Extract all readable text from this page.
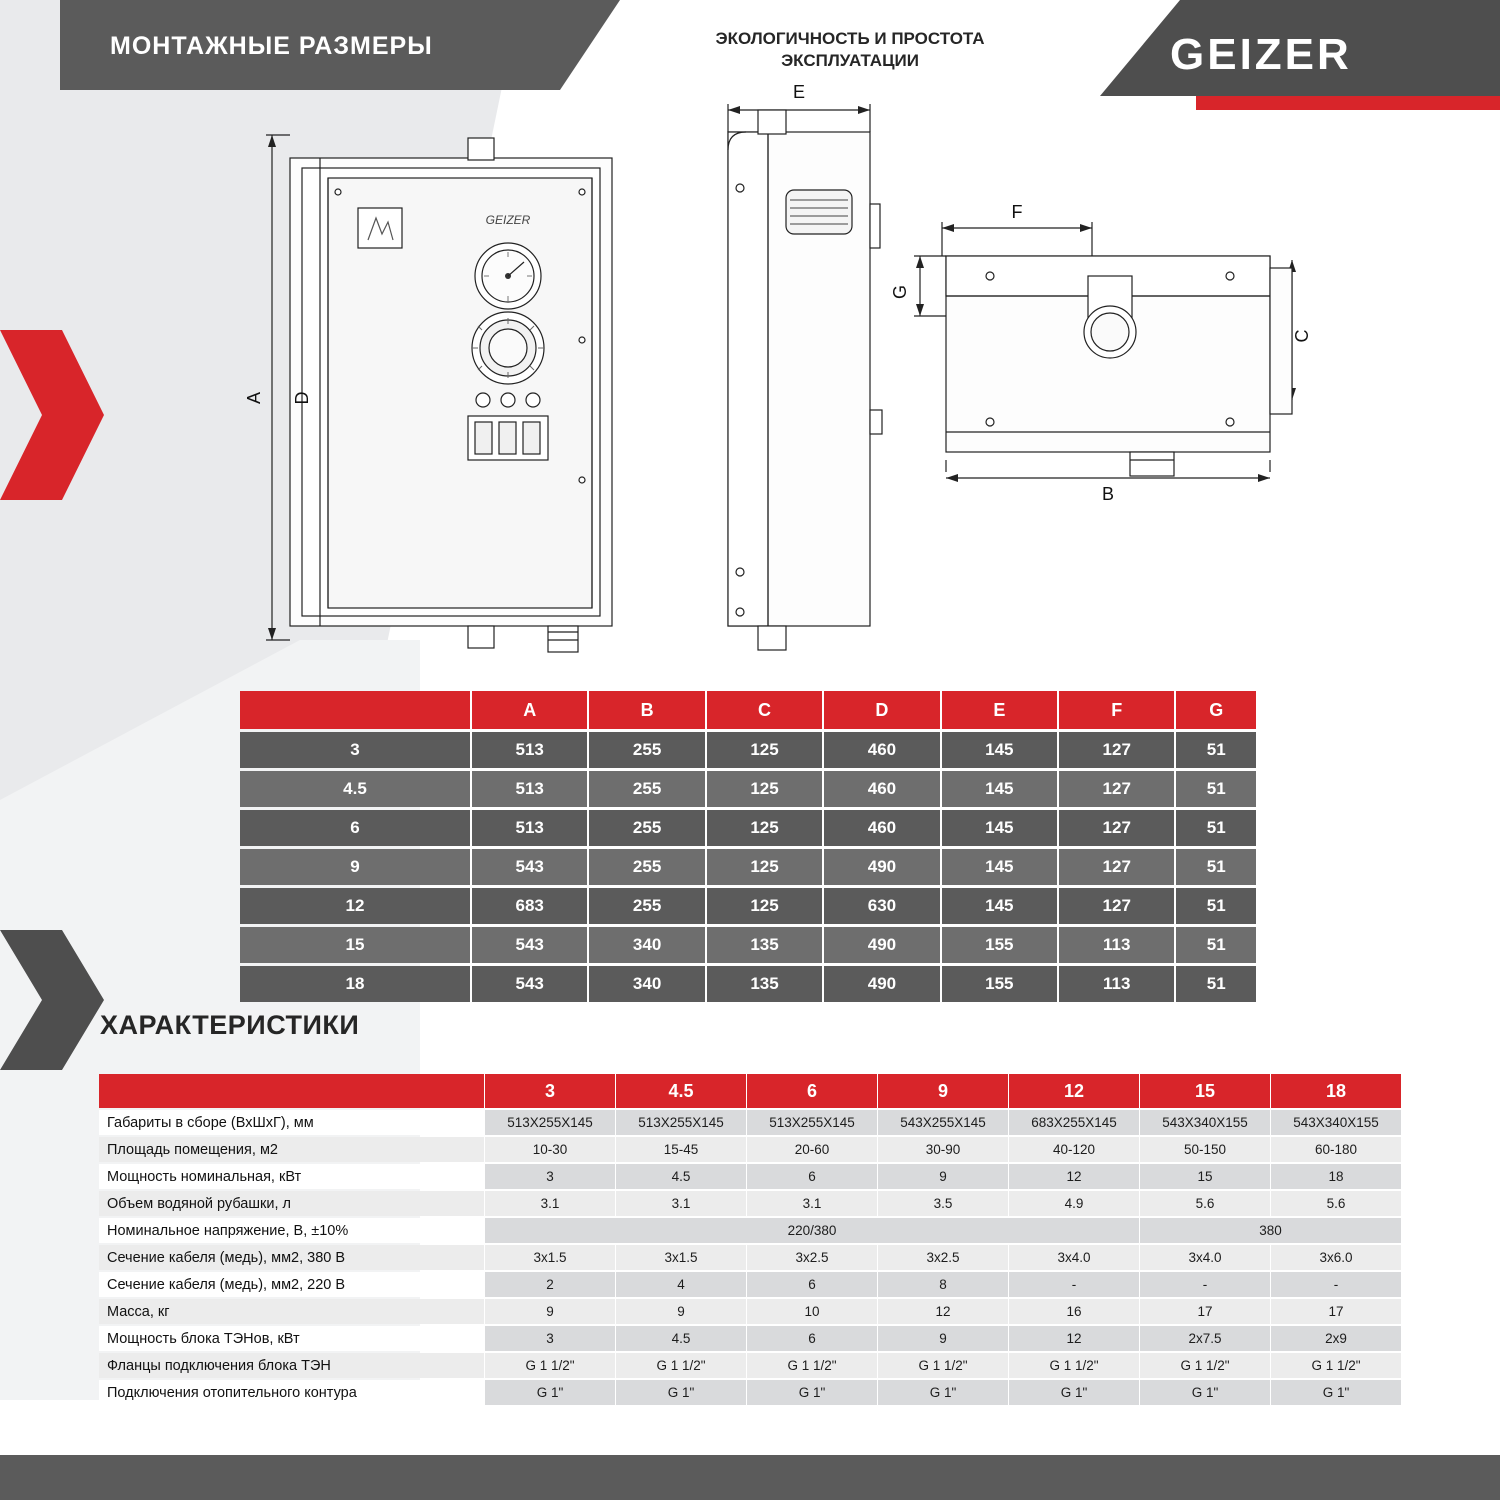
МОНТАЖНЫЕ РАЗМЕРЫ	ЭКОЛОГИЧНОСТЬ И ПРОСТОТА
ЭКСПЛУАТАЦИИ	GEIZER
ХАРАКТЕРИСТИКИ
GEIZER
A D
E
F
G
C
B
	A	B	C	D	E	F	G
3	513	255	125	460	145	127	51
4.5	513	255	125	460	145	127	51
6	513	255	125	460	145	127	51
9	543	255	125	490	145	127	51
12	683	255	125	630	145	127	51
15	543	340	135	490	155	113	51
18	543	340	135	490	155	113	51
	3	4.5	6	9	12	15	18
Габариты в сборе (ВхШхГ), мм	513X255X145	513X255X145	513X255X145	543X255X145	683X255X145	543X340X155	543X340X155
Площадь помещения, м2	10-30	15-45	20-60	30-90	40-120	50-150	60-180
Мощность номинальная, кВт	3	4.5	6	9	12	15	18
Объем водяной рубашки, л	3.1	3.1	3.1	3.5	4.9	5.6	5.6
Номинальное напряжение, В, ±10%	220/380					380	
Сечение кабеля (медь), мм2, 380 В	3x1.5	3x1.5	3x2.5	3x2.5	3x4.0	3x4.0	3x6.0
Сечение кабеля (медь), мм2, 220 В	2	4	6	8	-	-	-
Масса, кг	9	9	10	12	16	17	17
Мощность блока ТЭНов, кВт	3	4.5	6	9	12	2x7.5	2x9
Фланцы подключения блока ТЭН	G 1 1/2"	G 1 1/2"	G 1 1/2"	G 1 1/2"	G 1 1/2"	G 1 1/2"	G 1 1/2"
Подключения отопительного контура	G 1"	G 1"	G 1"	G 1"	G 1"	G 1"	G 1"
